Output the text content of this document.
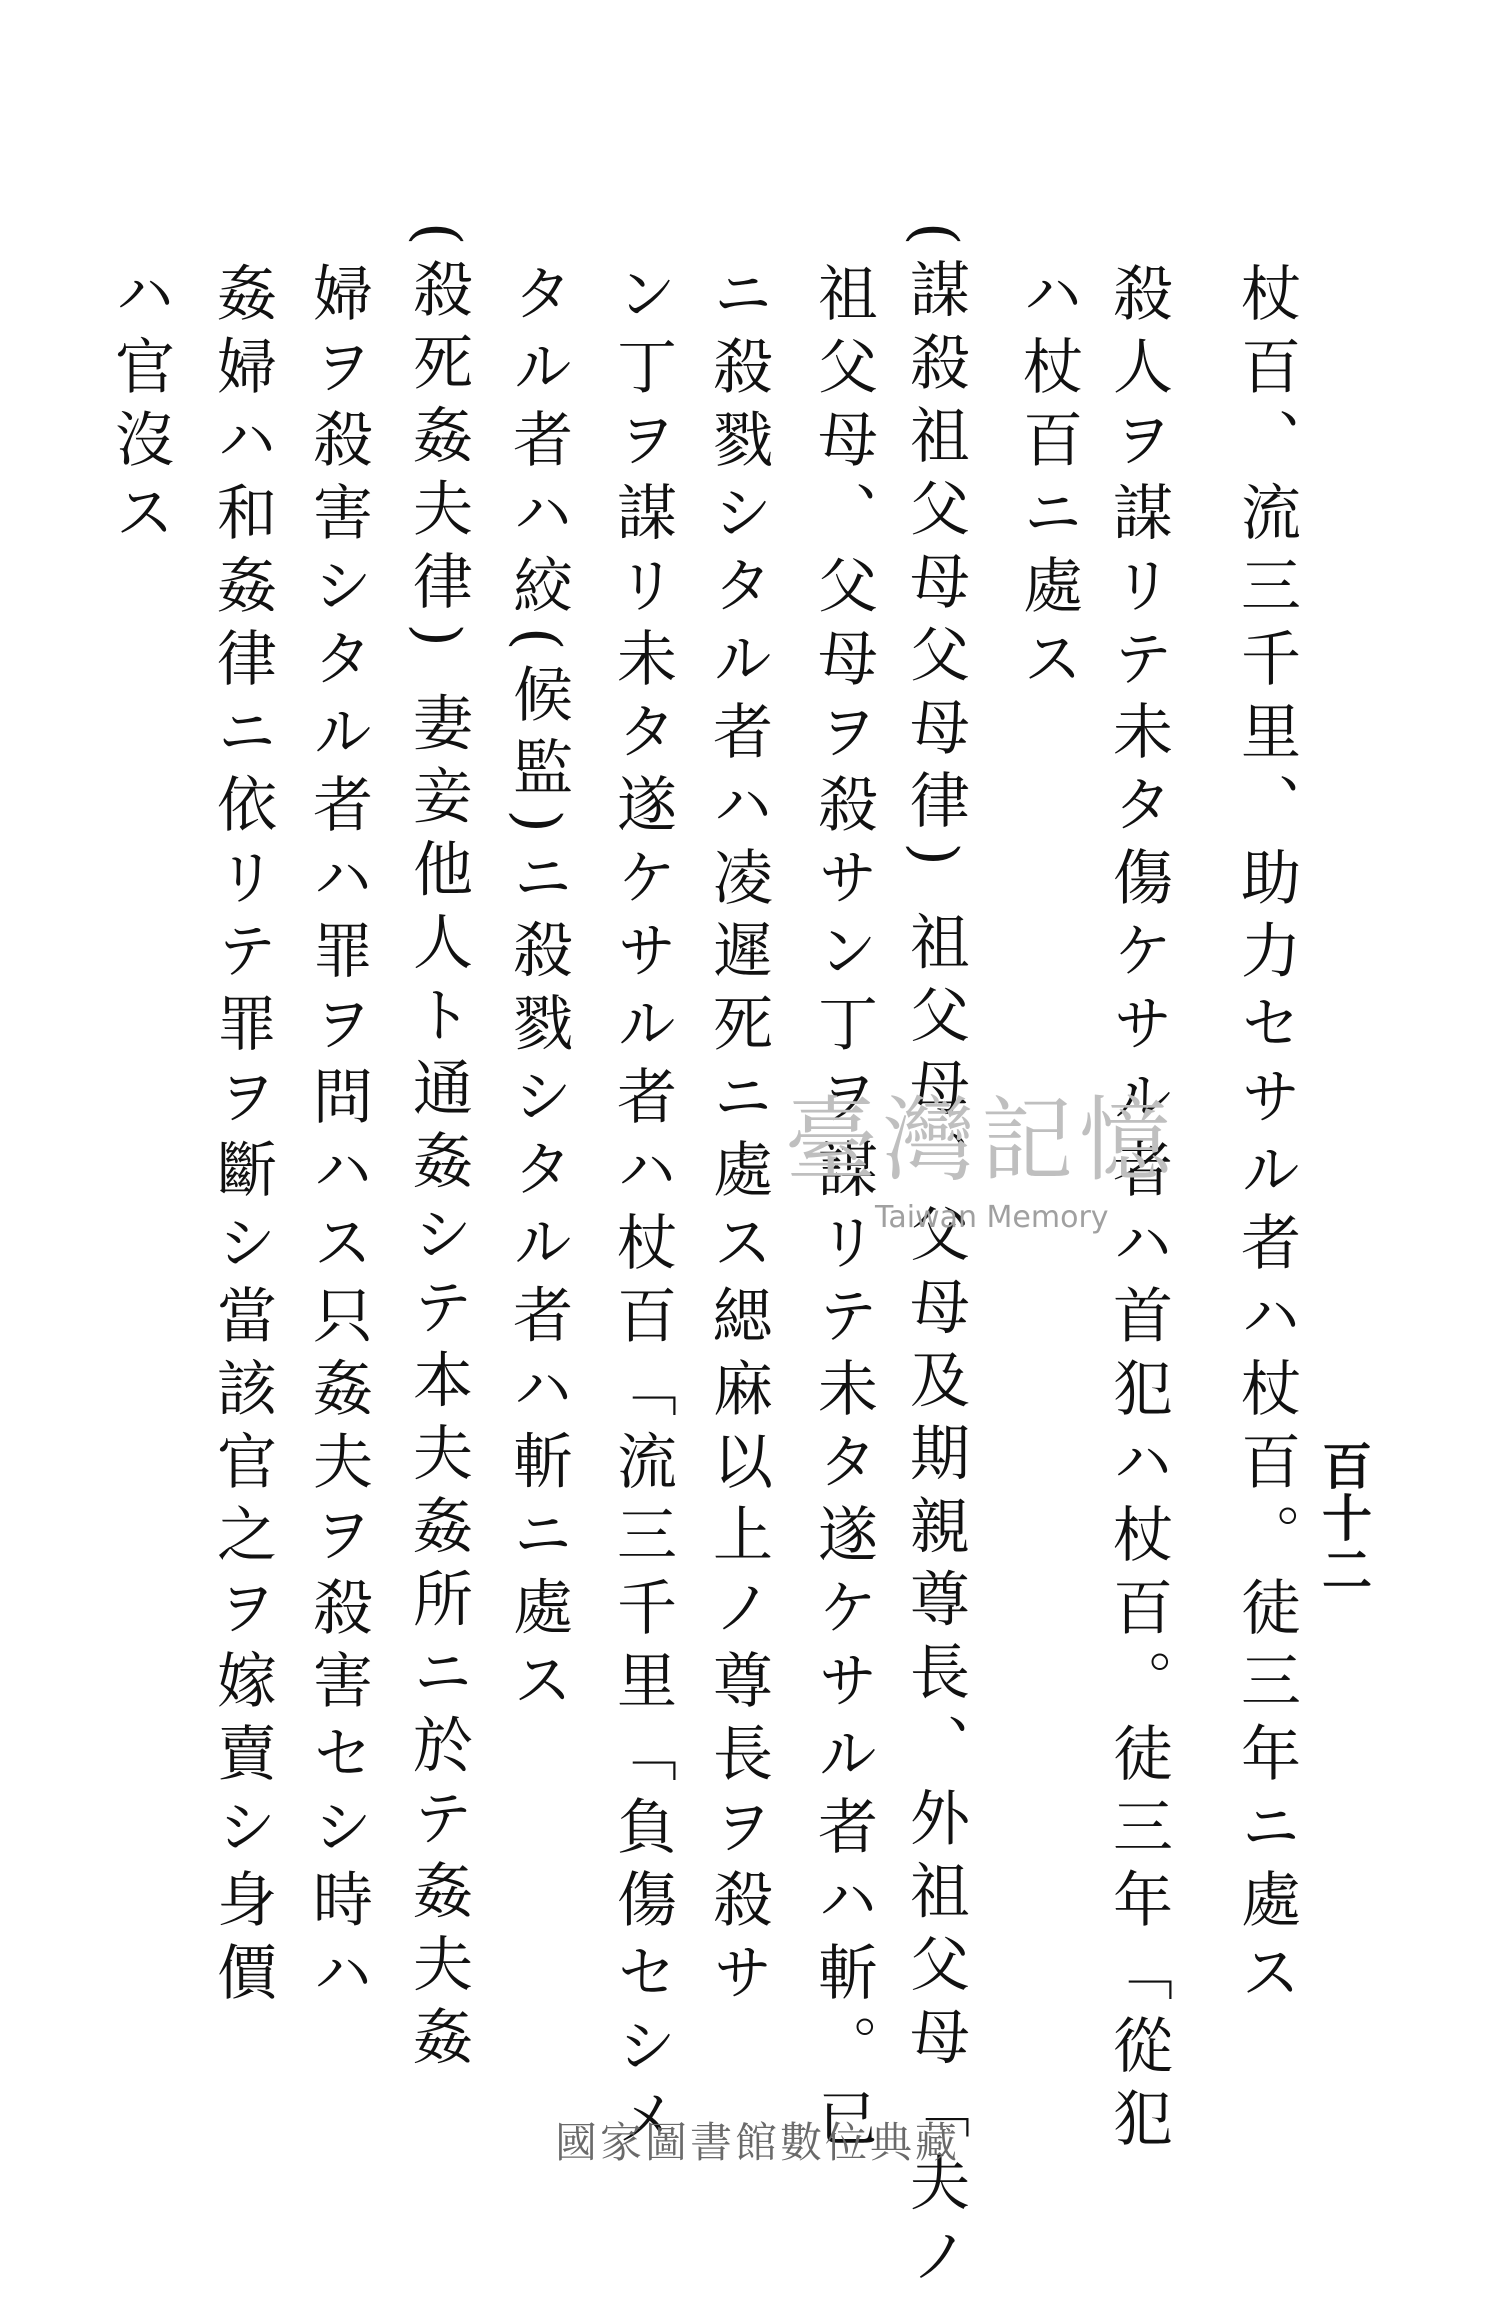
百十二
杖百、流三千里、助力セサル者ハ杖百。徒三年ニ處ス
殺人ヲ謀リテ未タ傷ケサル者ハ首犯ハ杖百。徒三年「從犯
ハ杖百ニ處ス
(謀殺祖父母父母律) 祖父母、父母及期親尊長、外祖父母「夫ノ
祖父母、父母ヲ殺サン丁ヲ謀リテ未タ遂ケサル者ハ斬。已
ニ殺戮シタル者ハ凌遲死ニ處ス緦麻以上ノ尊長ヲ殺サ
ン丁ヲ謀リ未タ遂ケサル者ハ杖百「流三千里「負傷セシメ
タル者ハ絞(候監)ニ殺戮シタル者ハ斬ニ處ス
(殺死姦夫律) 妻妾他人ト通姦シテ本夫姦所ニ於テ姦夫姦
婦ヲ殺害シタル者ハ罪ヲ問ハス只姦夫ヲ殺害セシ時ハ
姦婦ハ和姦律ニ依リテ罪ヲ斷シ當該官之ヲ嫁賣シ身價
ハ官沒ス
臺灣記憶
Taiwan Memory
國家圖書館數位典藏
